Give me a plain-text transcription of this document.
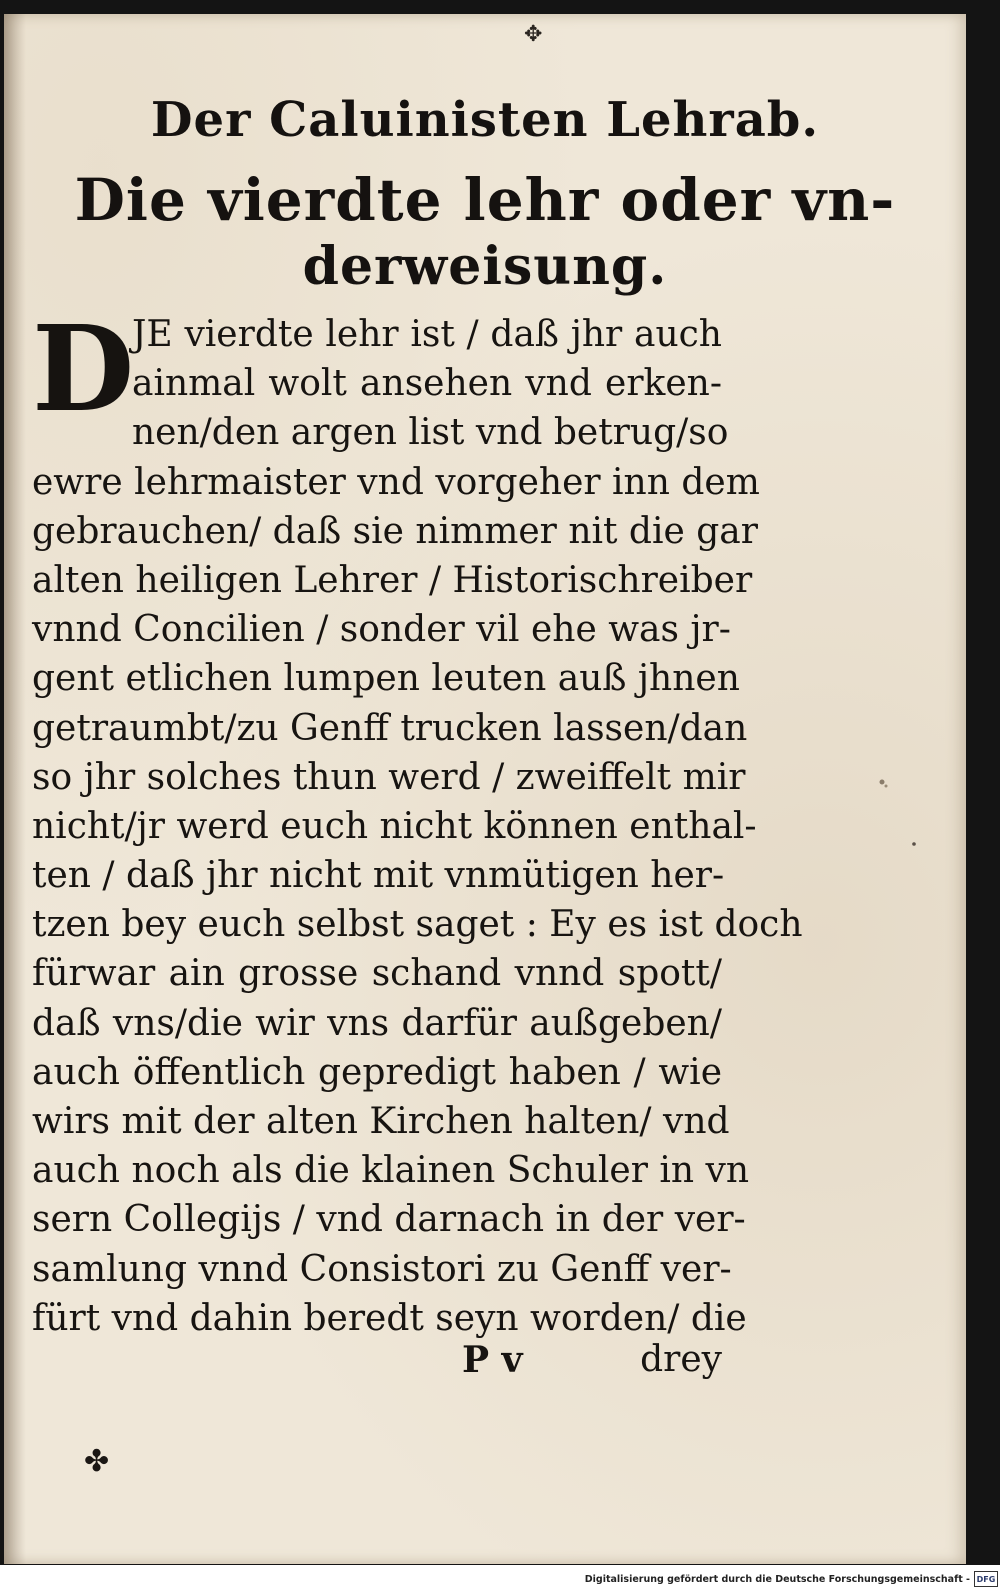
✥
Der Caluinisten Lehrab.
Die vierdte lehr oder vn-
derweisung.
D
JE vierdte lehr ist / daß jhr auch
ainmal wolt ansehen vnd erken-
nen/den argen list vnd betrug/so
ewre lehrmaister vnd vorgeher inn dem
gebrauchen/ daß sie nimmer nit die gar
alten heiligen Lehrer / Historischreiber
vnnd Concilien / sonder vil ehe was jr-
gent etlichen lumpen leuten auß jhnen
getraumbt/zu Genff trucken lassen/dan
so jhr solches thun werd / zweiffelt mir
nicht/jr werd euch nicht können enthal-
ten / daß jhr nicht mit vnmütigen her-
tzen bey euch selbst saget : Ey es ist doch
fürwar ain grosse schand vnnd spott/
daß vns/die wir vns darfür außgeben/
auch öffentlich gepredigt haben / wie
wirs mit der alten Kirchen halten/ vnd
auch noch als die klainen Schuler in vn
sern Collegijs / vnd darnach in der ver-
samlung vnnd Consistori zu Genff ver-
fürt vnd dahin beredt seyn worden/ die
P v	drey
✤
Digitalisierung gefördert durch die Deutsche Forschungsgemeinschaft - DFG
